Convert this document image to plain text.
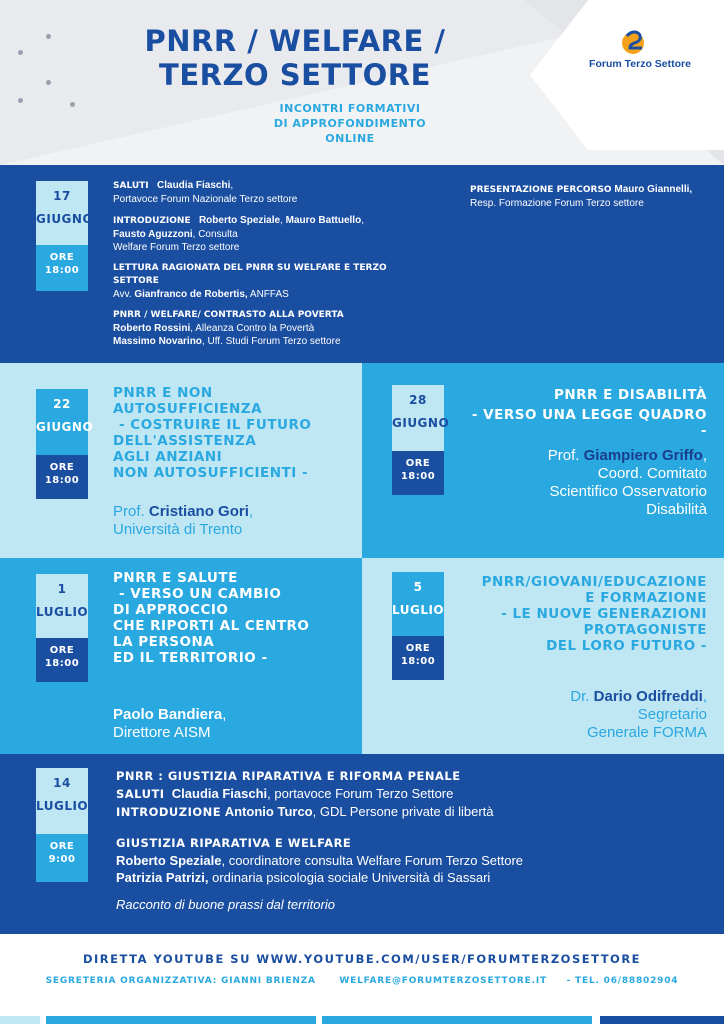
Forum Terzo Settore
PNRR / WELFARE /
TERZO SETTORE
INCONTRI FORMATIVI
DI APPROFONDIMENTO
ONLINE
17
GIUGNO
ORE
18:00
SALUTI Claudia Fiaschi,
Portavoce Forum Nazionale Terzo settore
INTRODUZIONE Roberto Speziale, Mauro Battuello,
Fausto Aguzzoni, Consulta
Welfare Forum Terzo settore
LETTURA RAGIONATA DEL PNRR SU WELFARE E TERZO SETTORE
Avv. Gianfranco de Robertis, ANFFAS
PNRR / WELFARE/ CONTRASTO ALLA POVERTA
Roberto Rossini, Alleanza Contro la Povertà
Massimo Novarino, Uff. Studi Forum Terzo settore
PRESENTAZIONE PERCORSO Mauro Giannelli,
Resp. Formazione Forum Terzo settore
22
GIUGNO
ORE
18:00
PNRR E NON AUTOSUFFICIENZA
- COSTRUIRE IL FUTURO
DELL'ASSISTENZA
AGLI ANZIANI
NON AUTOSUFFICIENTI -
Prof. Cristiano Gori,
Università di Trento
28
GIUGNO
ORE
18:00
PNRR E DISABILITÀ
- VERSO UNA LEGGE QUADRO -
Prof. Giampiero Griffo,
Coord. Comitato
Scientifico Osservatorio
Disabilità
1
LUGLIO
ORE
18:00
PNRR E SALUTE
- VERSO UN CAMBIO
DI APPROCCIO
CHE RIPORTI AL CENTRO
LA PERSONA
ED IL TERRITORIO -
Paolo Bandiera,
Direttore AISM
5
LUGLIO
ORE
18:00
PNRR/GIOVANI/EDUCAZIONE
E FORMAZIONE
- LE NUOVE GENERAZIONI
PROTAGONISTE
DEL LORO FUTURO -
Dr. Dario Odifreddi,
Segretario
Generale FORMA
14
LUGLIO
ORE
9:00
PNRR : GIUSTIZIA RIPARATIVA E RIFORMA PENALE
SALUTI Claudia Fiaschi, portavoce Forum Terzo Settore
INTRODUZIONE Antonio Turco, GDL Persone private di libertà
GIUSTIZIA RIPARATIVA E WELFARE
Roberto Speziale, coordinatore consulta Welfare Forum Terzo Settore
Patrizia Patrizi, ordinaria psicologia sociale Università di Sassari
Racconto di buone prassi dal territorio
DIRETTA YOUTUBE SU WWW.YOUTUBE.COM/USER/FORUMTERZOSETTORE
SEGRETERIA ORGANIZZATIVA: GIANNI BRIENZA	WELFARE@FORUMTERZOSETTORE.IT - TEL. 06/88802904
